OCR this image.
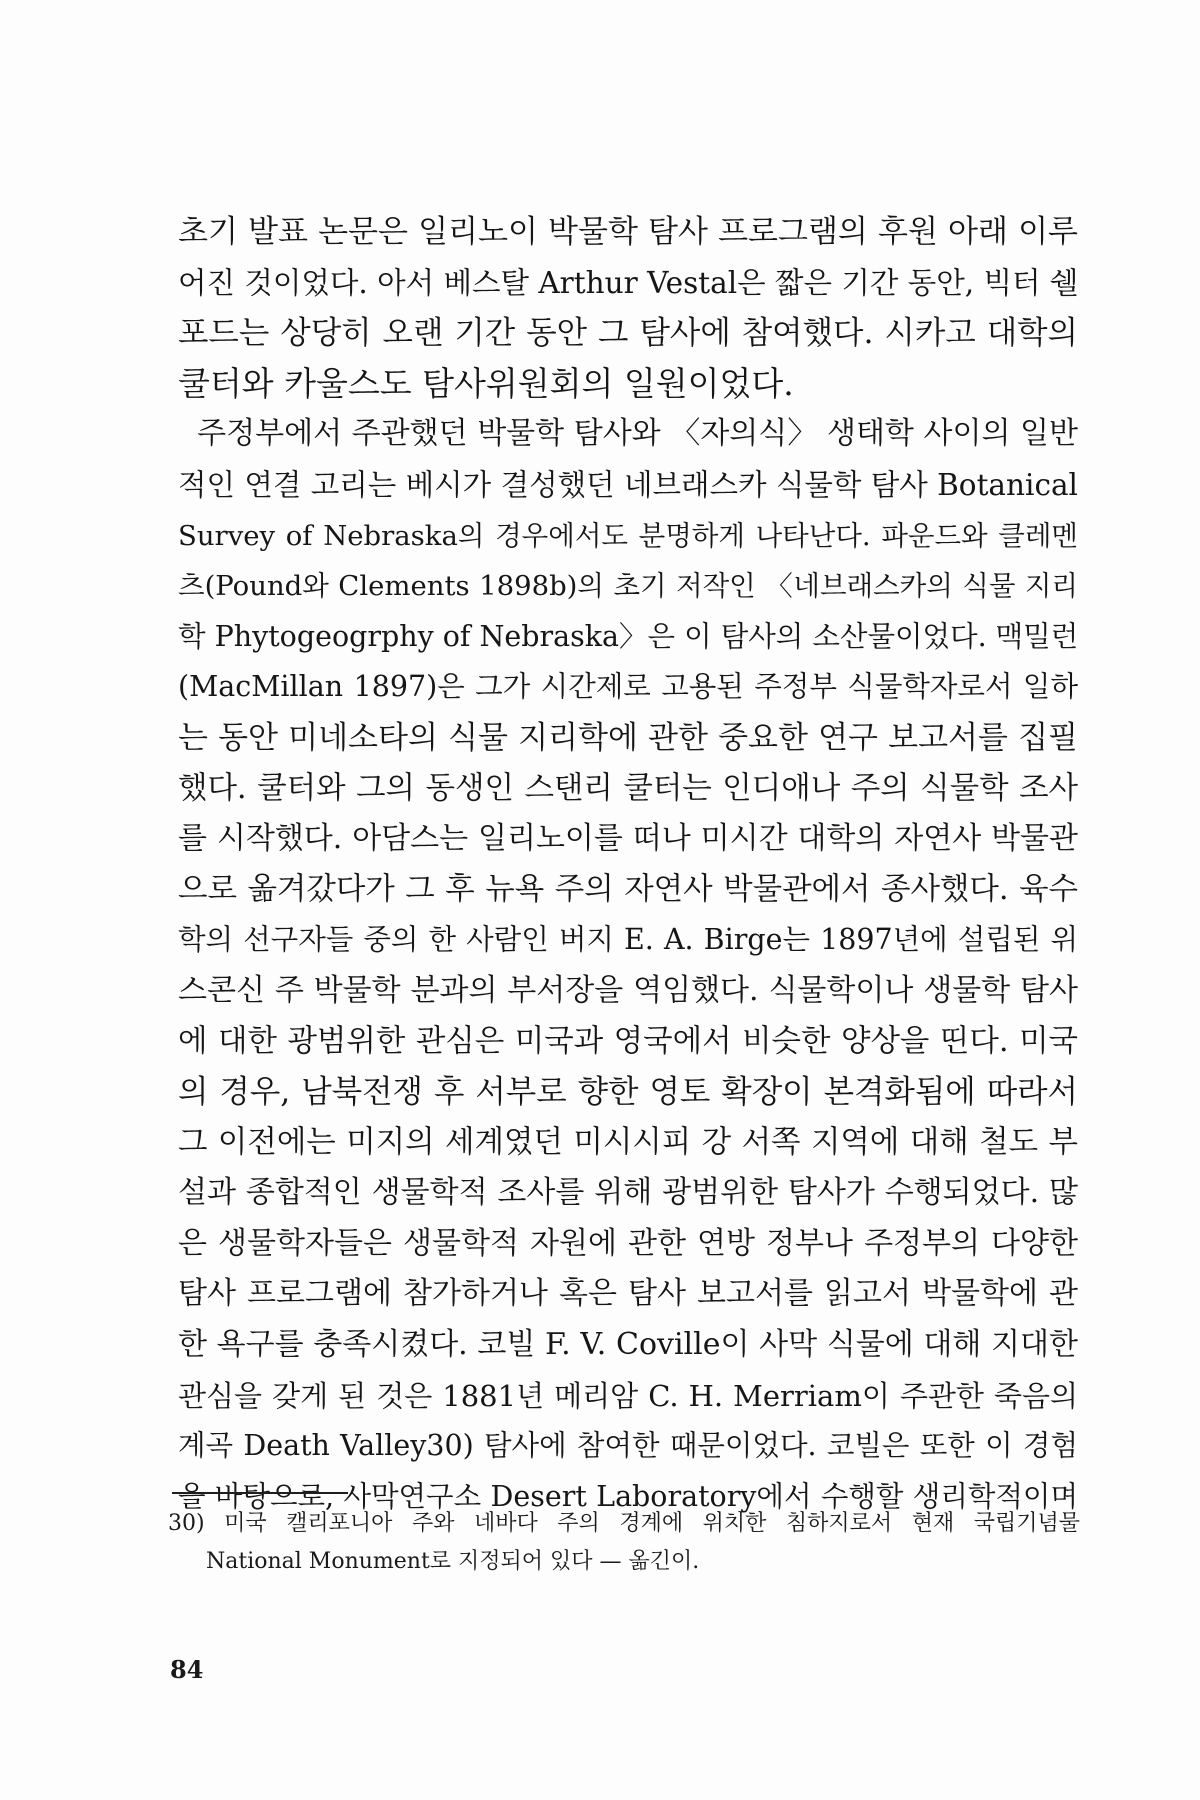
초기 발표 논문은 일리노이 박물학 탐사 프로그램의 후원 아래 이루
어진 것이었다. 아서 베스탈 Arthur Vestal은 짧은 기간 동안, 빅터 쉘
포드는 상당히 오랜 기간 동안 그 탐사에 참여했다. 시카고 대학의
쿨터와 카울스도 탐사위원회의 일원이었다.
주정부에서 주관했던 박물학 탐사와 〈자의식〉 생태학 사이의 일반
적인 연결 고리는 베시가 결성했던 네브래스카 식물학 탐사 Botanical
Survey of Nebraska의 경우에서도 분명하게 나타난다. 파운드와 클레멘
츠(Pound와 Clements 1898b)의 초기 저작인 〈네브래스카의 식물 지리
학 Phytogeogrphy of Nebraska〉은 이 탐사의 소산물이었다. 맥밀런
(MacMillan 1897)은 그가 시간제로 고용된 주정부 식물학자로서 일하
는 동안 미네소타의 식물 지리학에 관한 중요한 연구 보고서를 집필
했다. 쿨터와 그의 동생인 스탠리 쿨터는 인디애나 주의 식물학 조사
를 시작했다. 아담스는 일리노이를 떠나 미시간 대학의 자연사 박물관
으로 옮겨갔다가 그 후 뉴욕 주의 자연사 박물관에서 종사했다. 육수
학의 선구자들 중의 한 사람인 버지 E. A. Birge는 1897년에 설립된 위
스콘신 주 박물학 분과의 부서장을 역임했다. 식물학이나 생물학 탐사
에 대한 광범위한 관심은 미국과 영국에서 비슷한 양상을 띤다. 미국
의 경우, 남북전쟁 후 서부로 향한 영토 확장이 본격화됨에 따라서
그 이전에는 미지의 세계였던 미시시피 강 서쪽 지역에 대해 철도 부
설과 종합적인 생물학적 조사를 위해 광범위한 탐사가 수행되었다. 많
은 생물학자들은 생물학적 자원에 관한 연방 정부나 주정부의 다양한
탐사 프로그램에 참가하거나 혹은 탐사 보고서를 읽고서 박물학에 관
한 욕구를 충족시켰다. 코빌 F. V. Coville이 사막 식물에 대해 지대한
관심을 갖게 된 것은 1881년 메리암 C. H. Merriam이 주관한 죽음의
계곡 Death Valley30) 탐사에 참여한 때문이었다. 코빌은 또한 이 경험
을 바탕으로, 사막연구소 Desert Laboratory에서 수행할 생리학적이며
30) 미국 캘리포니아 주와 네바다 주의 경계에 위치한 침하지로서 현재 국립기념물
National Monument로 지정되어 있다 — 옮긴이.
84
